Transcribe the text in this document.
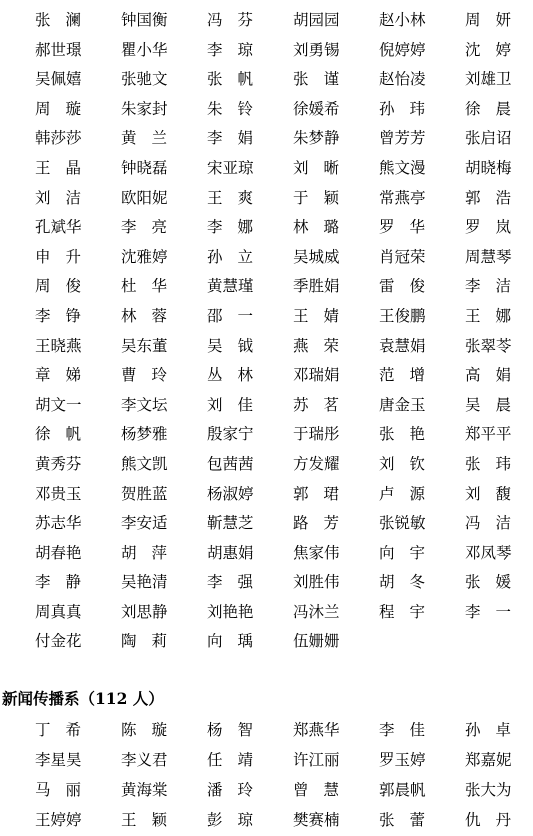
张 澜	钟国衡	冯 芬	胡园园	赵小林	周 妍
郝世璟	瞿小华	李 琼	刘勇锡	倪婷婷	沈 婷
吴佩嬉	张驰文	张 帆	张 谨	赵怡凌	刘雄卫
周 璇	朱家封	朱 铃	徐媛希	孙 玮	徐 晨
韩莎莎	黄 兰	李 娟	朱梦静	曾芳芳	张启诏
王 晶	钟晓磊	宋亚琼	刘 晰	熊文漫	胡晓梅
刘 洁	欧阳妮	王 爽	于 颖	常燕亭	郭 浩
孔斌华	李 亮	李 娜	林 璐	罗 华	罗 岚
申 升	沈雅婷	孙 立	吴城威	肖冠荣	周慧琴
周 俊	杜 华	黄慧瑾	季胜娟	雷 俊	李 洁
李 铮	林 蓉	邵 一	王 婧	王俊鹏	王 娜
王晓燕	吴东董	吴 钺	燕 荣	袁慧娟	张翠苓
章 娣	曹 玲	丛 林	邓瑞娟	范 增	高 娟
胡文一	李文坛	刘 佳	苏 茗	唐金玉	吴 晨
徐 帆	杨梦雅	殷家宁	于瑞彤	张 艳	郑平平
黄秀芬	熊文凯	包茜茜	方发耀	刘 钦	张 玮
邓贵玉	贺胜蓝	杨淑婷	郭 珺	卢 源	刘 馥
苏志华	李安适	靳慧芝	路 芳	张锐敏	冯 洁
胡春艳	胡 萍	胡惠娟	焦家伟	向 宇	邓凤琴
李 静	吴艳清	李 强	刘胜伟	胡 冬	张 媛
周真真	刘思静	刘艳艳	冯沐兰	程 宇	李 一
付金花	陶 莉	向 瑀	伍姗姗
新闻传播系（112 人）
丁 希	陈 璇	杨 智	郑燕华	李 佳	孙 卓
李星昊	李义君	任 靖	许江丽	罗玉婷	郑嘉妮
马 丽	黄海棠	潘 玲	曾 慧	郭晨帆	张大为
王婷婷	王 颖	彭 琼	樊赛楠	张 蕾	仇 丹
